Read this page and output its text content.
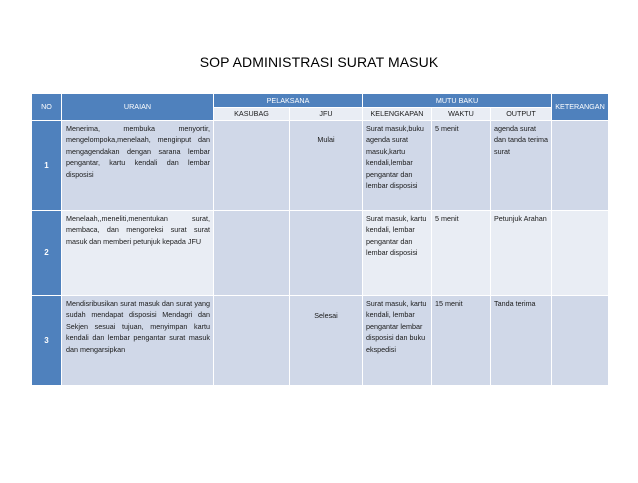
SOP ADMINISTRASI SURAT MASUK
NO	URAIAN	PELAKSANA		MUTU BAKU			KETERANGAN
		KASUBAG	JFU	KELENGKAPAN	WAKTU	OUTPUT	
1	Menerima, membuka menyortir, mengelompoka,menelaah, menginput dan mengagendakan dengan sarana lembar pengantar, kartu kendali dan lembar disposisi		Mulai	Surat masuk,buku agenda surat masuk,kartu kendali,lembar pengantar dan lembar disposisi	5 menit	agenda surat dan tanda terima surat	
2	Menelaah,,meneliti,menentukan surat, membaca, dan mengoreksi surat surat masuk dan memberi petunjuk kepada JFU			Surat masuk, kartu kendali, lembar pengantar dan lembar disposisi	5 menit	Petunjuk Arahan	
3	Mendisribusikan surat masuk dan surat yang sudah mendapat disposisi Mendagri dan Sekjen sesuai tujuan, menyimpan kartu kendali dan lembar pengantar surat masuk dan mengarsipkan		Selesai	Surat masuk, kartu kendali, lembar pengantar lembar disposisi dan buku ekspedisi	15 menit	Tanda terima	
